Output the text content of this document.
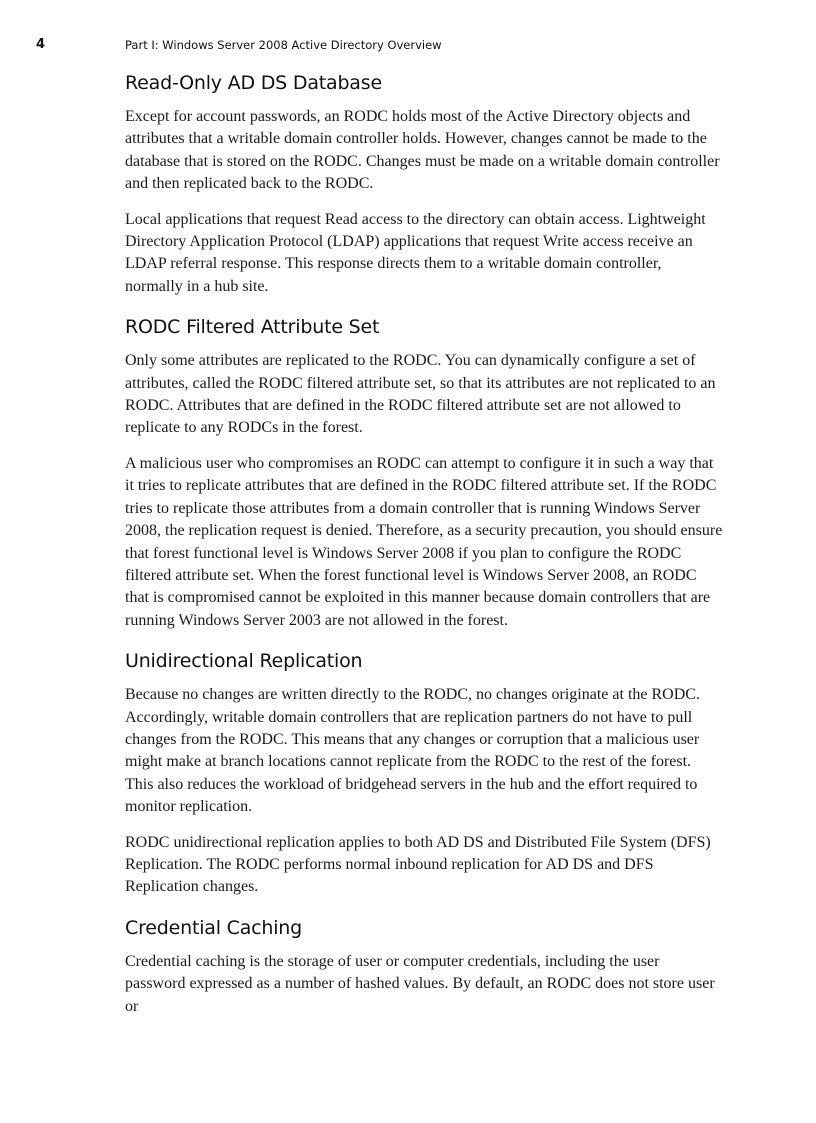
4	Part I: Windows Server 2008 Active Directory Overview
Read-Only AD DS Database

Except for account passwords, an RODC holds most of the Active Directory objects and attributes that a writable domain controller holds. However, changes cannot be made to the database that is stored on the RODC. Changes must be made on a writable domain controller and then replicated back to the RODC.

Local applications that request Read access to the directory can obtain access. Lightweight Directory Application Protocol (LDAP) applications that request Write access receive an LDAP referral response. This response directs them to a writable domain controller, normally in a hub site.

RODC Filtered Attribute Set

Only some attributes are replicated to the RODC. You can dynamically configure a set of attributes, called the RODC filtered attribute set, so that its attributes are not replicated to an RODC. Attributes that are defined in the RODC filtered attribute set are not allowed to replicate to any RODCs in the forest.

A malicious user who compromises an RODC can attempt to configure it in such a way that it tries to replicate attributes that are defined in the RODC filtered attribute set. If the RODC tries to replicate those attributes from a domain controller that is running Windows Server 2008, the replication request is denied. Therefore, as a security precaution, you should ensure that forest functional level is Windows Server 2008 if you plan to configure the RODC filtered attribute set. When the forest functional level is Windows Server 2008, an RODC that is compromised cannot be exploited in this manner because domain controllers that are running Windows Server 2003 are not allowed in the forest.

Unidirectional Replication

Because no changes are written directly to the RODC, no changes originate at the RODC. Accordingly, writable domain controllers that are replication partners do not have to pull changes from the RODC. This means that any changes or corruption that a malicious user might make at branch locations cannot replicate from the RODC to the rest of the forest. This also reduces the workload of bridgehead servers in the hub and the effort required to monitor replication.

RODC unidirectional replication applies to both AD DS and Distributed File System (DFS) Replication. The RODC performs normal inbound replication for AD DS and DFS Replication changes.

Credential Caching

Credential caching is the storage of user or computer credentials, including the user password expressed as a number of hashed values. By default, an RODC does not store user or
